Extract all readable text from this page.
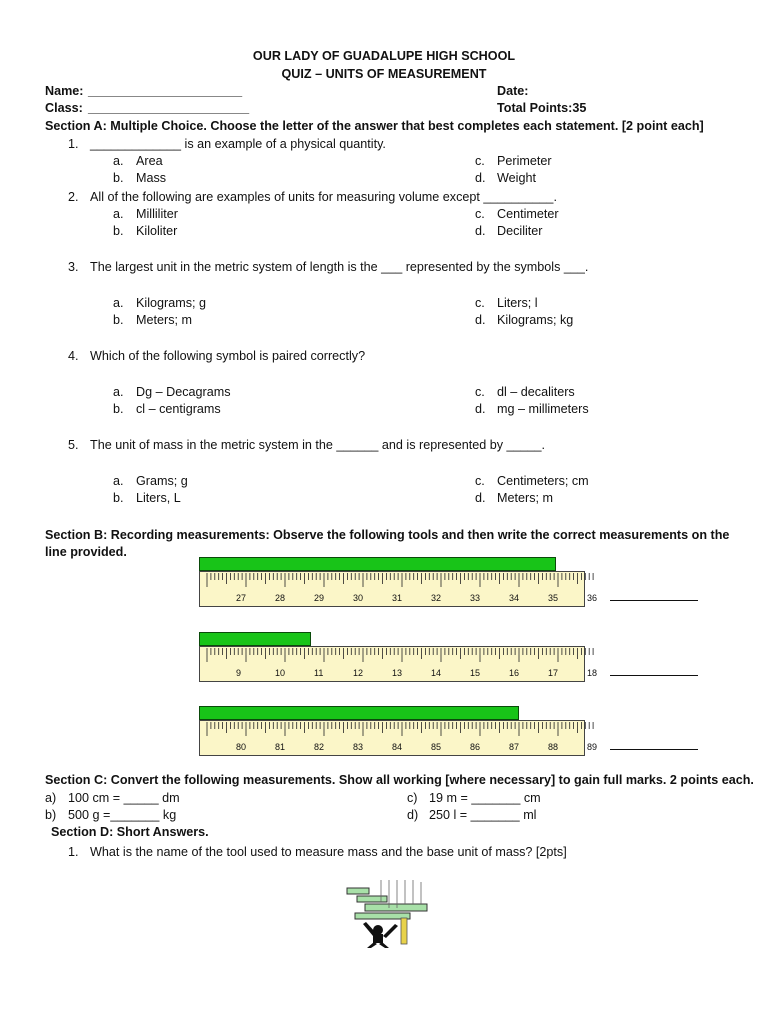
OUR LADY OF GUADALUPE HIGH SCHOOL
QUIZ – UNITS OF MEASUREMENT
Name: ______________________	Date:
Class: _______________________	Total Points:35
Section A: Multiple Choice. Choose the letter of the answer that best completes each statement. [2 point each]
1. _____________ is an example of a physical quantity.
a. Area
b. Mass
c. Perimeter
d. Weight
2. All of the following are examples of units for measuring volume except __________.
a. Milliliter
b. Kiloliter
c. Centimeter
d. Deciliter
3. The largest unit in the metric system of length is the ___ represented by the symbols ___.
a. Kilograms; g
b. Meters; m
c. Liters; l
d. Kilograms; kg
4. Which of the following symbol is paired correctly?
a. Dg – Decagrams
b. cl – centigrams
c. dl – decaliters
d. mg – millimeters
5. The unit of mass in the metric system in the ______ and is represented by _____.
a. Grams; g
b. Liters, L
c. Centimeters; cm
d. Meters; m
Section B: Recording measurements: Observe the following tools and then write the correct measurements on the
line provided.
27	28	29	30	31	32	33	34	35	36
9	10	11	12	13	14	15	16	17	18
80	81	82	83	84	85	86	87	88	89
Section C: Convert the following measurements. Show all working [where necessary] to gain full marks. 2 points each.
a) 100 cm = _____ dm
b) 500 g =_______ kg
c) 19 m = _______ cm
d) 250 l = _______ ml
Section D: Short Answers.
1. What is the name of the tool used to measure mass and the base unit of mass? [2pts]
